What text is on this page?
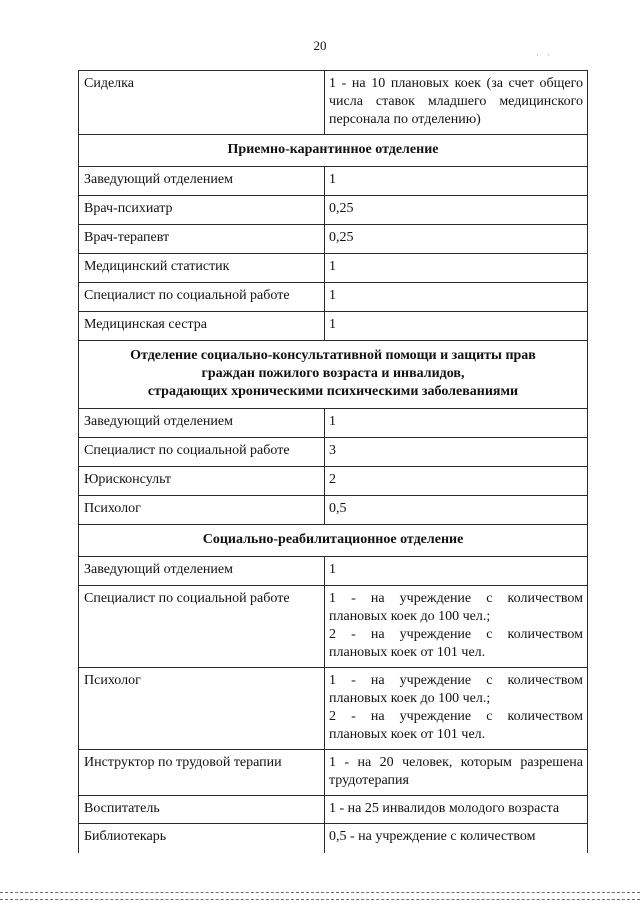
20
· ·
Сиделка	1 - на 10 плановых коек (за счет общего числа ставок младшего медицинского персонала по отделению)

Приемно-карантинное отделение	

Заведующий отделением	1
Врач-психиатр	0,25
Врач-терапевт	0,25
Медицинский статистик	1
Специалист по социальной работе	1
Медицинская сестра	1

Отделение социально-консультативной помощи и защиты прав
граждан пожилого возраста и инвалидов,
страдающих хроническими психическими заболеваниями	

Заведующий отделением	1
Специалист по социальной работе	3
Юрисконсульт	2
Психолог	0,5

Социально-реабилитационное отделение	

Заведующий отделением	1
Специалист по социальной работе	1 - на учреждение с количеством плановых коек до 100 чел.;
2 - на учреждение с количеством плановых коек от 101 чел.

Психолог	1 - на учреждение с количеством плановых коек до 100 чел.;
2 - на учреждение с количеством плановых коек от 101 чел.

Инструктор по трудовой терапии	1 - на 20 человек, которым разрешена трудотерапия
Воспитатель	1 - на 25 инвалидов молодого возраста
Библиотекарь	0,5 - на учреждение с количеством
